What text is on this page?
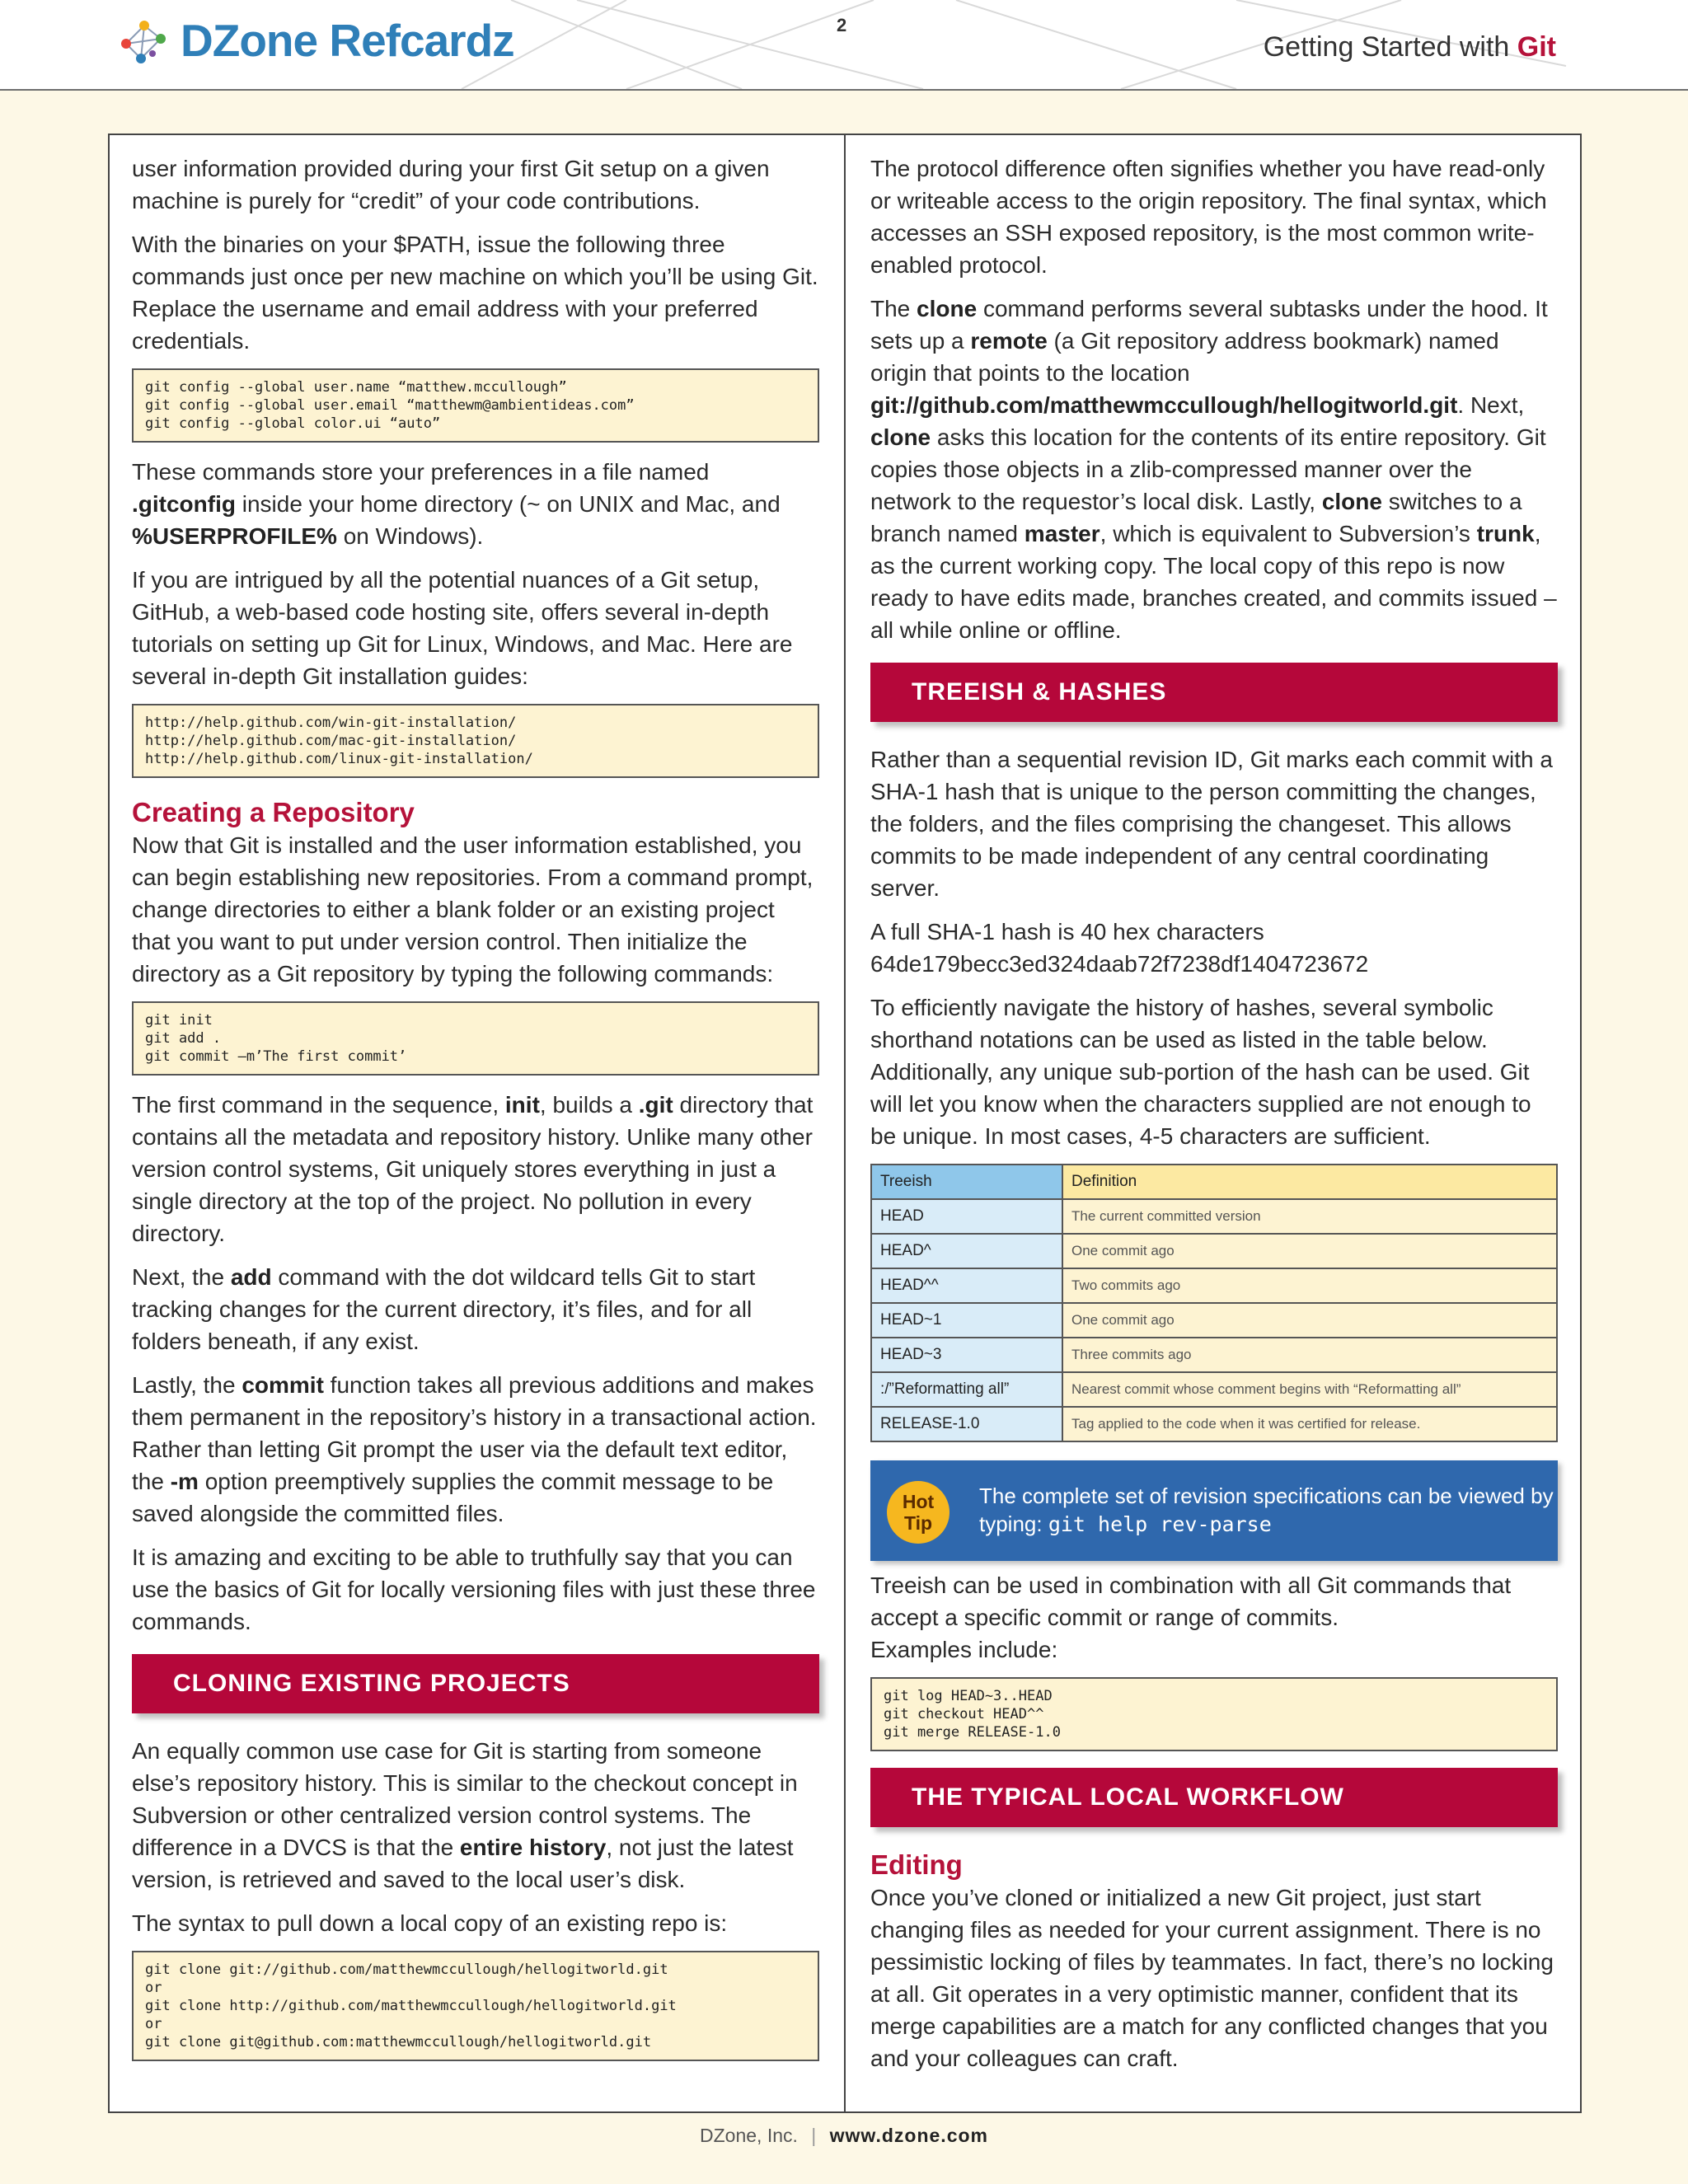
DZone Refcardz	2
Getting Started with Git

user information provided during your first Git setup on a given machine is purely for “credit” of your code contributions.

With the binaries on your $PATH, issue the following three commands just once per new machine on which you’ll be using Git. Replace the username and email address with your preferred credentials.

git config --global user.name “matthew.mccullough”
git config --global user.email “matthewm@ambientideas.com”
git config --global color.ui “auto”

These commands store your preferences in a file named .gitconfig inside your home directory (~ on UNIX and Mac, and %USERPROFILE% on Windows).

If you are intrigued by all the potential nuances of a Git setup, GitHub, a web-based code hosting site, offers several in-depth tutorials on setting up Git for Linux, Windows, and Mac. Here are several in-depth Git installation guides:

http://help.github.com/win-git-installation/
http://help.github.com/mac-git-installation/
http://help.github.com/linux-git-installation/
Creating a Repository

Now that Git is installed and the user information established, you can begin establishing new repositories. From a command prompt, change directories to either a blank folder or an existing project that you want to put under version control. Then initialize the directory as a Git repository by typing the following commands:

git init
git add .
git commit –m’The first commit’

The first command in the sequence, init, builds a .git directory that contains all the metadata and repository history. Unlike many other version control systems, Git uniquely stores everything in just a single directory at the top of the project. No pollution in every directory.

Next, the add command with the dot wildcard tells Git to start tracking changes for the current directory, it’s files, and for all folders beneath, if any exist.

Lastly, the commit function takes all previous additions and makes them permanent in the repository’s history in a transactional action. Rather than letting Git prompt the user via the default text editor, the -m option preemptively supplies the commit message to be saved alongside the committed files.

It is amazing and exciting to be able to truthfully say that you can use the basics of Git for locally versioning files with just these three commands.

CLONING EXISTING PROJECTS

An equally common use case for Git is starting from someone else’s repository history. This is similar to the checkout concept in Subversion or other centralized version control systems. The difference in a DVCS is that the entire history, not just the latest version, is retrieved and saved to the local user’s disk.

The syntax to pull down a local copy of an existing repo is:

git clone git://github.com/matthewmccullough/hellogitworld.git
or
git clone http://github.com/matthewmccullough/hellogitworld.git
or
git clone git@github.com:matthewmccullough/hellogitworld.git

The protocol difference often signifies whether you have read-only or writeable access to the origin repository. The final syntax, which accesses an SSH exposed repository, is the most common write-enabled protocol.

The clone command performs several subtasks under the hood. It sets up a remote (a Git repository address bookmark) named origin that points to the location git://github.com/matthewmccullough/hellogitworld.git. Next, clone asks this location for the contents of its entire repository. Git copies those objects in a zlib-compressed manner over the network to the requestor’s local disk. Lastly, clone switches to a branch named master, which is equivalent to Subversion’s trunk, as the current working copy. The local copy of this repo is now ready to have edits made, branches created, and commits issued – all while online or offline.

TREEISH & HASHES

Rather than a sequential revision ID, Git marks each commit with a SHA-1 hash that is unique to the person committing the changes, the folders, and the files comprising the changeset. This allows commits to be made independent of any central coordinating server.

A full SHA-1 hash is 40 hex characters
64de179becc3ed324daab72f7238df1404723672

To efficiently navigate the history of hashes, several symbolic shorthand notations can be used as listed in the table below. Additionally, any unique sub-portion of the hash can be used. Git will let you know when the characters supplied are not enough to be unique. In most cases, 4-5 characters are sufficient.

Treeish	Definition
HEAD	The current committed version
HEAD^	One commit ago
HEAD^^	Two commits ago
HEAD~1	One commit ago
HEAD~3	Three commits ago
:/”Reformatting all”	Nearest commit whose comment begins with “Reformatting all”
RELEASE-1.0	Tag applied to the code when it was certified for release.
Hot
Tip
The complete set of revision specifications can be viewed by
typing: git help rev-parse

Treeish can be used in combination with all Git commands that accept a specific commit or range of commits.
Examples include:

git log HEAD~3..HEAD
git checkout HEAD^^
git merge RELEASE-1.0
THE TYPICAL LOCAL WORKFLOW
Editing

Once you’ve cloned or initialized a new Git project, just start changing files as needed for your current assignment. There is no pessimistic locking of files by teammates. In fact, there’s no locking at all. Git operates in a very optimistic manner, confident that its merge capabilities are a match for any conflicted changes that you and your colleagues can craft.

DZone, Inc. | www.dzone.com
